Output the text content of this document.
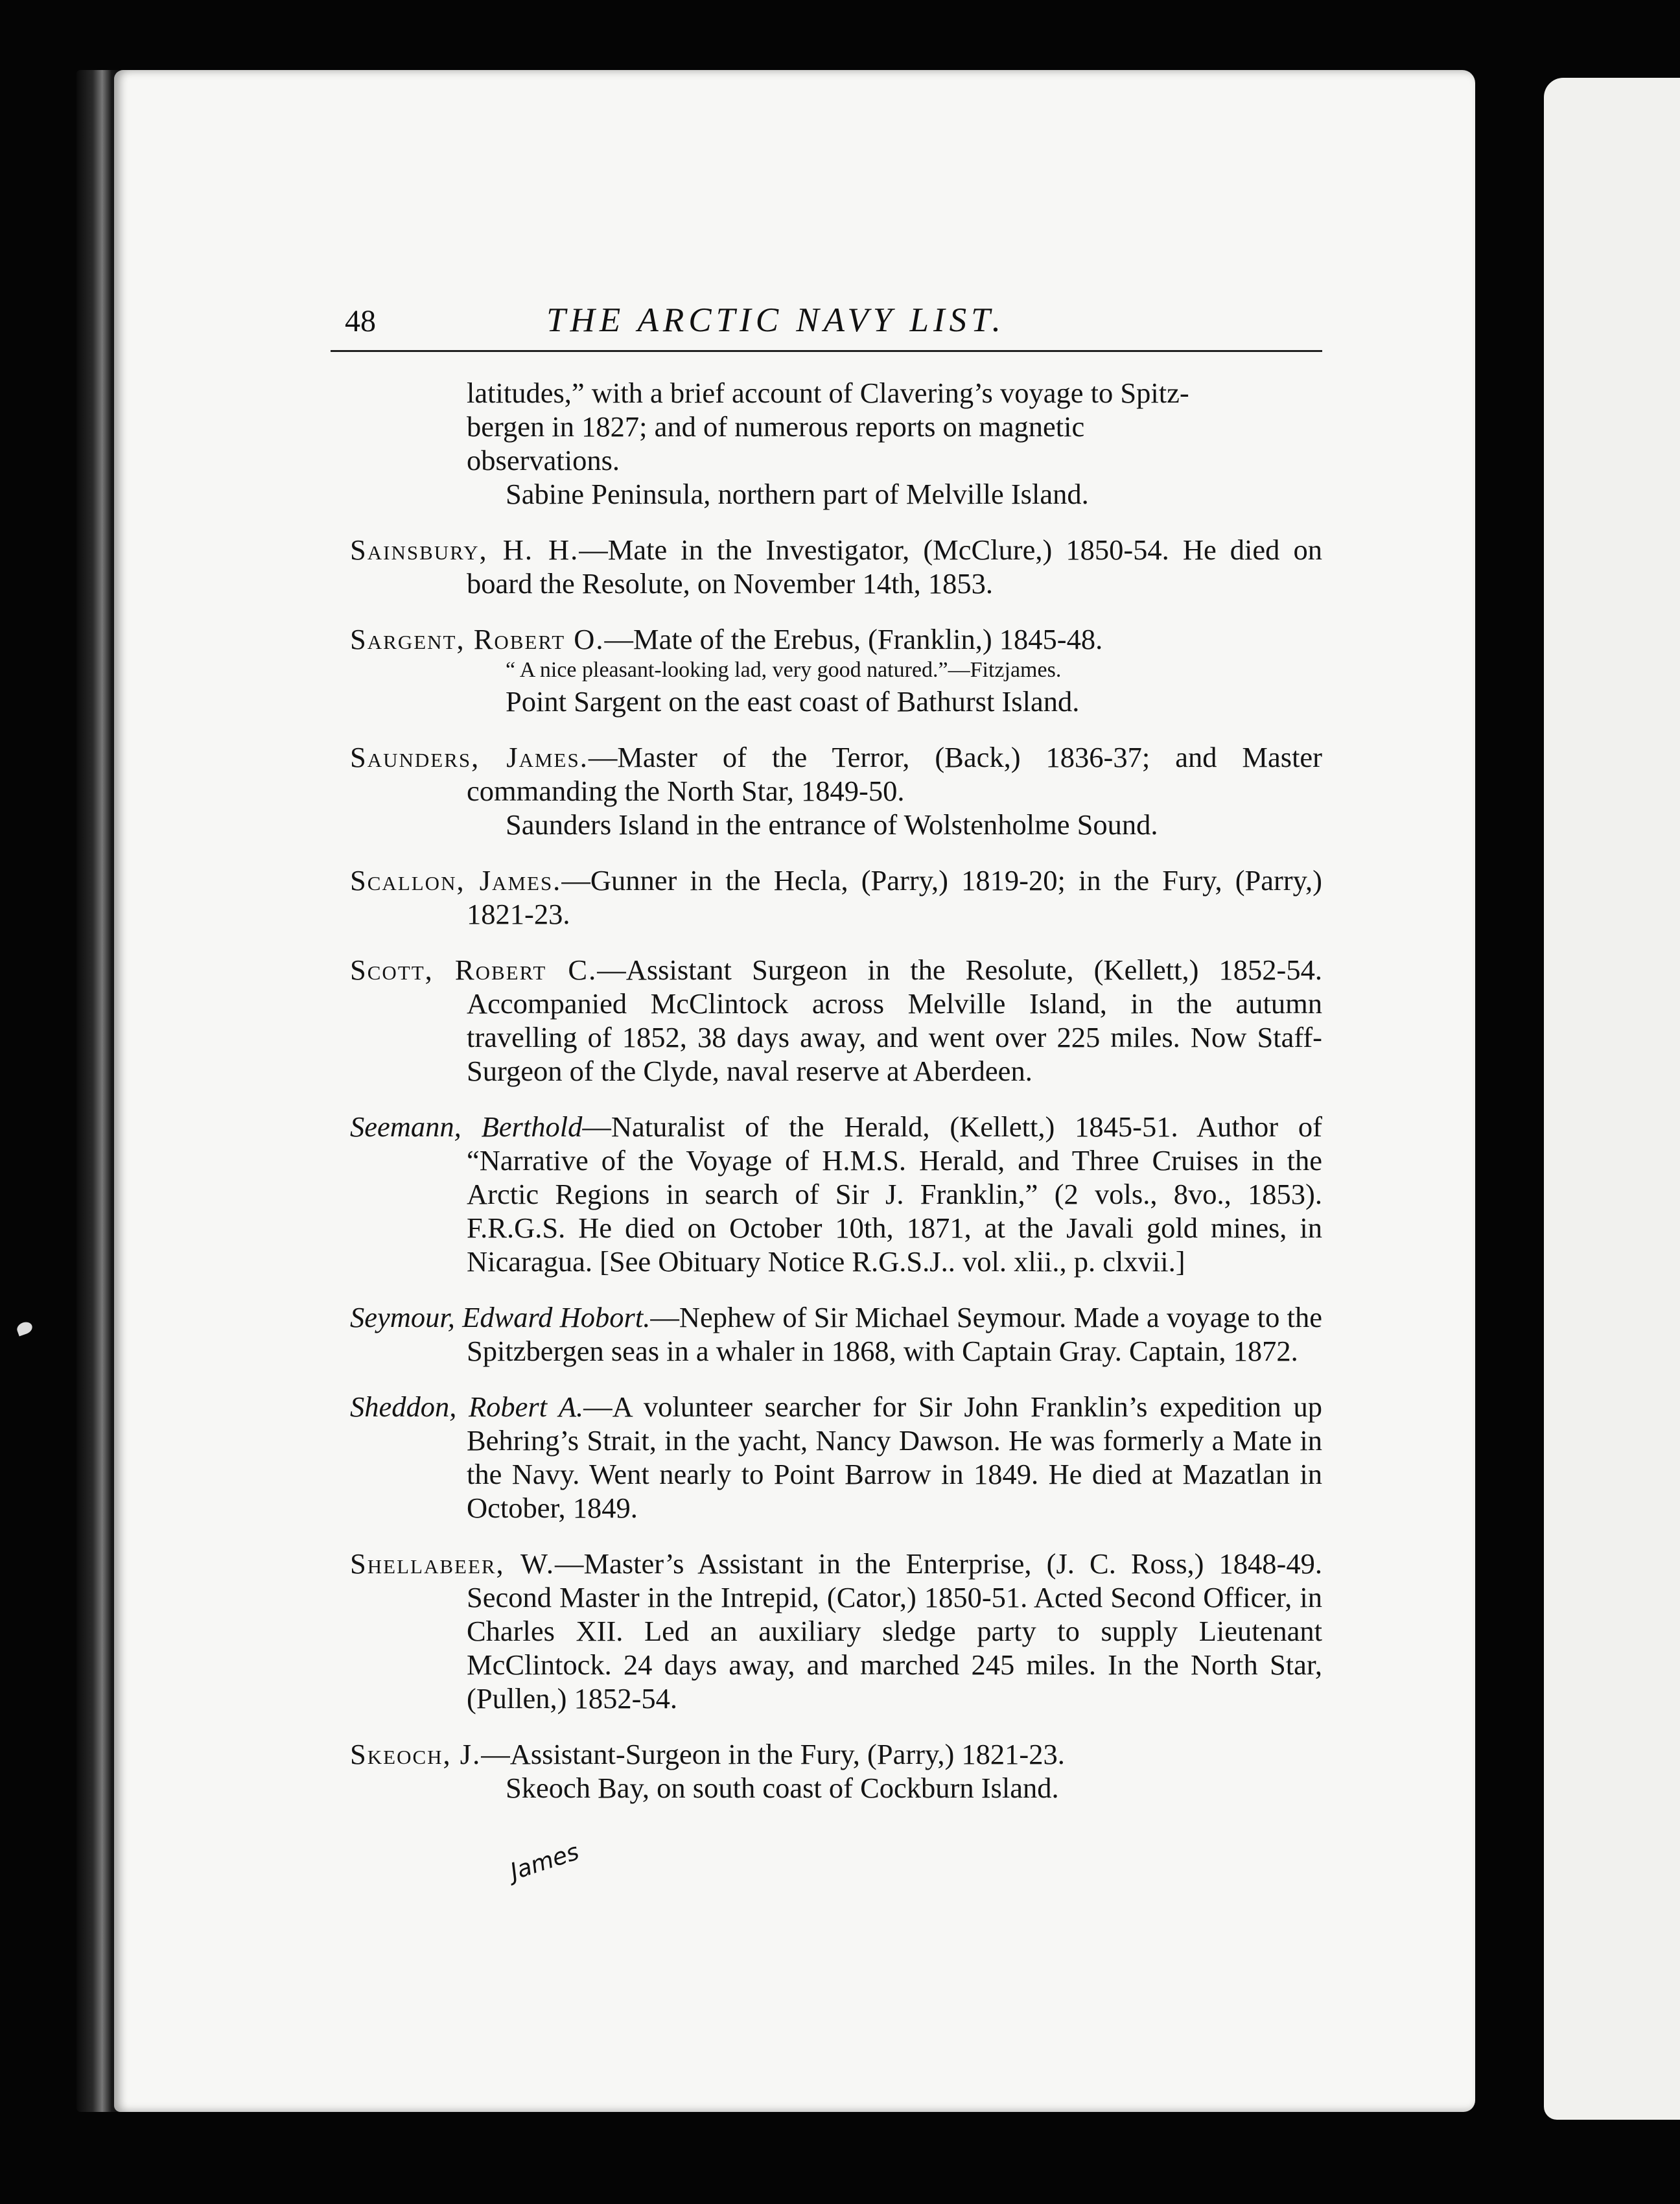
48	THE ARCTIC NAVY LIST.

latitudes,” with a brief account of Clavering’s voyage to Spitz-

bergen in 1827; and of numerous reports on magnetic

observations.

Sabine Peninsula, northern part of Melville Island.

Sainsbury, H. H.—Mate in the Investigator, (McClure,) 1850-54. He died on board the Resolute, on November 14th, 1853.

Sargent, Robert O.—Mate of the Erebus, (Franklin,) 1845-48.

“ A nice pleasant-looking lad, very good natured.”—Fitzjames.

Point Sargent on the east coast of Bathurst Island.

Saunders, James.—Master of the Terror, (Back,) 1836-37; and Master commanding the North Star, 1849-50.

Saunders Island in the entrance of Wolstenholme Sound.

Scallon, James.—Gunner in the Hecla, (Parry,) 1819-20; in the Fury, (Parry,) 1821-23.

Scott, Robert C.—Assistant Surgeon in the Resolute, (Kellett,) 1852-54. Accompanied McClintock across Melville Island, in the autumn travelling of 1852, 38 days away, and went over 225 miles. Now Staff-Surgeon of the Clyde, naval reserve at Aberdeen.

Seemann, Berthold—Naturalist of the Herald, (Kellett,) 1845-51. Author of “Narrative of the Voyage of H.M.S. Herald, and Three Cruises in the Arctic Regions in search of Sir J. Franklin,” (2 vols., 8vo., 1853). F.R.G.S. He died on October 10th, 1871, at the Javali gold mines, in Nicaragua. [See Obituary Notice R.G.S.J.. vol. xlii., p. clxvii.]

Seymour, Edward Hobort.—Nephew of Sir Michael Seymour. Made a voyage to the Spitzbergen seas in a whaler in 1868, with Captain Gray. Captain, 1872.

Sheddon, Robert A.—A volunteer searcher for Sir John Franklin’s expedition up Behring’s Strait, in the yacht, Nancy Dawson. He was formerly a Mate in the Navy. Went nearly to Point Barrow in 1849. He died at Mazatlan in October, 1849.

Shellabeer, W.—Master’s Assistant in the Enterprise, (J. C. Ross,) 1848-49. Second Master in the Intrepid, (Cator,) 1850-51. Acted Second Officer, in Charles XII. Led an auxiliary sledge party to supply Lieutenant McClintock. 24 days away, and marched 245 miles. In the North Star, (Pullen,) 1852-54.

Skeoch, J.—Assistant-Surgeon in the Fury, (Parry,) 1821-23.

Skeoch Bay, on south coast of Cockburn Island.

James
